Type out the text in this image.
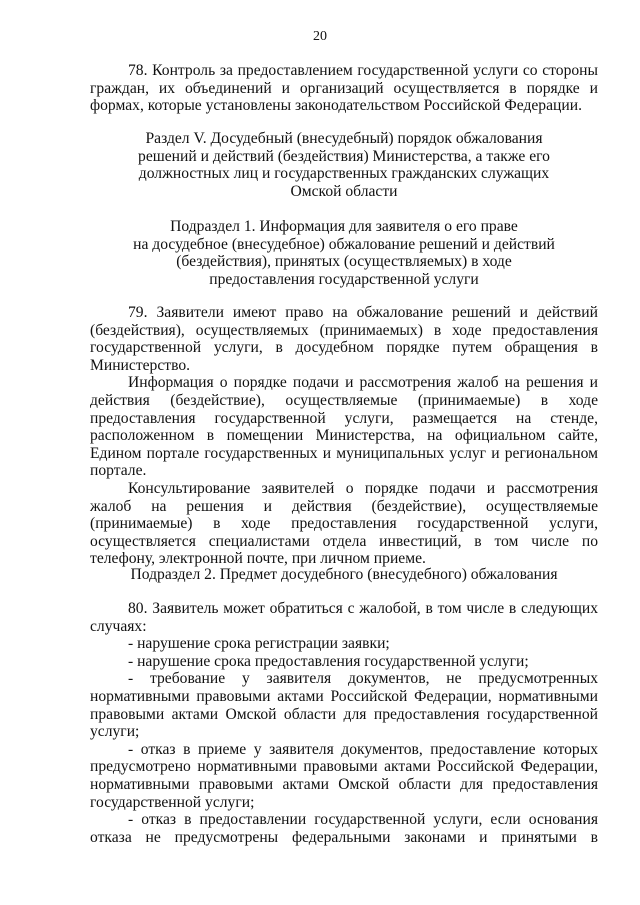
20

78. Контроль за предоставлением государственной услуги со стороны граждан, их объединений и организаций осуществляется в порядке и формах, которые установлены законодательством Российской Федерации.

Раздел V. Досудебный (внесудебный) порядок обжалования

решений и действий (бездействия) Министерства, а также его

должностных лиц и государственных гражданских служащих

Омской области

Подраздел 1. Информация для заявителя о его праве

на досудебное (внесудебное) обжалование решений и действий

(бездействия), принятых (осуществляемых) в ходе

предоставления государственной услуги

79. Заявители имеют право на обжалование решений и действий (бездействия), осуществляемых (принимаемых) в ходе предоставления государственной услуги, в досудебном порядке путем обращения в Министерство.

Информация о порядке подачи и рассмотрения жалоб на решения и действия (бездействие), осуществляемые (принимаемые) в ходе предоставления государственной услуги, размещается на стенде, расположенном в помещении Министерства, на официальном сайте, Едином портале государственных и муниципальных услуг и региональном портале.

Консультирование заявителей о порядке подачи и рассмотрения жалоб на решения и действия (бездействие), осуществляемые (принимаемые) в ходе предоставления государственной услуги, осуществляется специалистами отдела инвестиций, в том числе по телефону, электронной почте, при личном приеме.

Подраздел 2. Предмет досудебного (внесудебного) обжалования

80. Заявитель может обратиться с жалобой, в том числе в следующих случаях:

- нарушение срока регистрации заявки;

- нарушение срока предоставления государственной услуги;

- требование у заявителя документов, не предусмотренных нормативными правовыми актами Российской Федерации, нормативными правовыми актами Омской области для предоставления государственной услуги;

- отказ в приеме у заявителя документов, предоставление которых предусмотрено нормативными правовыми актами Российской Федерации, нормативными правовыми актами Омской области для предоставления государственной услуги;

- отказ в предоставлении государственной услуги, если основания
отказа не предусмотрены федеральными законами и принятыми в
